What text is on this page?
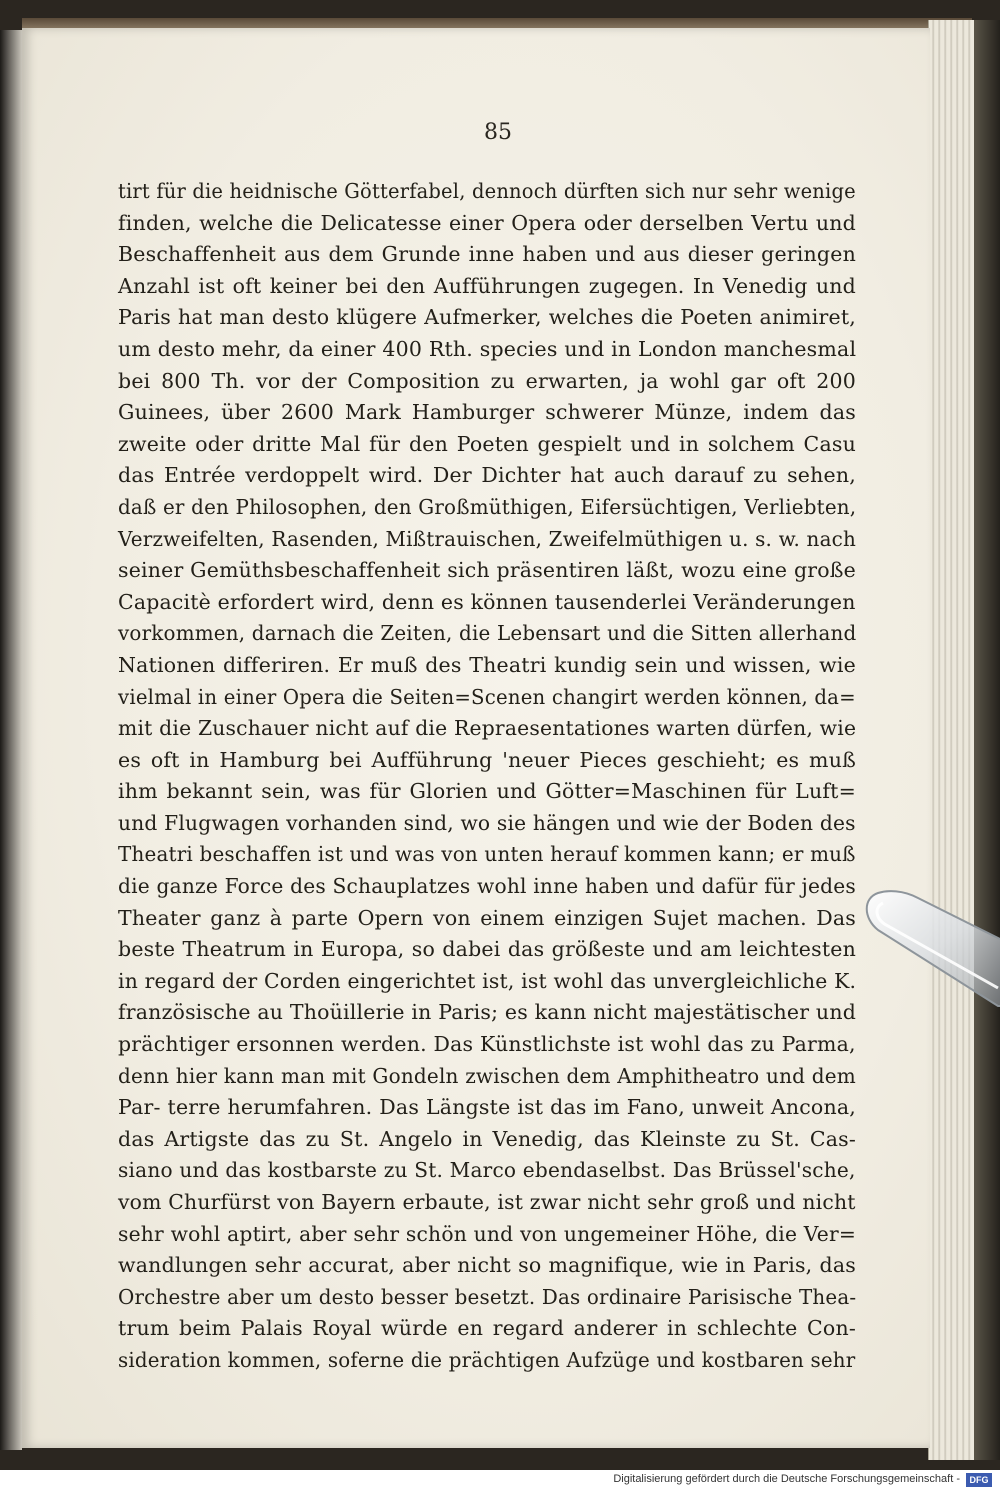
85
tirt für die heidnische Götterfabel, dennoch dürften sich nur sehr wenige
finden, welche die Delicatesse einer Opera oder derselben Vertu und
Beschaffenheit aus dem Grunde inne haben und aus dieser geringen
Anzahl ist oft keiner bei den Aufführungen zugegen. In Venedig und
Paris hat man desto klügere Aufmerker, welches die Poeten animiret,
um desto mehr, da einer 400 Rth. species und in London manchesmal
bei 800 Th. vor der Composition zu erwarten, ja wohl gar oft 200
Guinees, über 2600 Mark Hamburger schwerer Münze, indem das
zweite oder dritte Mal für den Poeten gespielt und in solchem Casu
das Entrée verdoppelt wird. Der Dichter hat auch darauf zu sehen,
daß er den Philosophen, den Großmüthigen, Eifersüchtigen, Verliebten,
Verzweifelten, Rasenden, Mißtrauischen, Zweifelmüthigen u. s. w. nach
seiner Gemüthsbeschaffenheit sich präsentiren läßt, wozu eine große
Capacitè erfordert wird, denn es können tausenderlei Veränderungen
vorkommen, darnach die Zeiten, die Lebensart und die Sitten allerhand
Nationen differiren. Er muß des Theatri kundig sein und wissen, wie
vielmal in einer Opera die Seiten=Scenen changirt werden können, da=
mit die Zuschauer nicht auf die Repraesentationes warten dürfen, wie
es oft in Hamburg bei Aufführung 'neuer Pieces geschieht; es muß
ihm bekannt sein, was für Glorien und Götter=Maschinen für Luft=
und Flugwagen vorhanden sind, wo sie hängen und wie der Boden des
Theatri beschaffen ist und was von unten herauf kommen kann; er muß
die ganze Force des Schauplatzes wohl inne haben und dafür für jedes
Theater ganz à parte Opern von einem einzigen Sujet machen. Das
beste Theatrum in Europa, so dabei das größeste und am leichtesten
in regard der Corden eingerichtet ist, ist wohl das unvergleichliche K.
französische au Thoüillerie in Paris; es kann nicht majestätischer und
prächtiger ersonnen werden. Das Künstlichste ist wohl das zu Parma,
denn hier kann man mit Gondeln zwischen dem Amphitheatro und dem
Par- terre herumfahren. Das Längste ist das im Fano, unweit Ancona,
das Artigste das zu St. Angelo in Venedig, das Kleinste zu St. Cas-
siano und das kostbarste zu St. Marco ebendaselbst. Das Brüssel'sche,
vom Churfürst von Bayern erbaute, ist zwar nicht sehr groß und nicht
sehr wohl aptirt, aber sehr schön und von ungemeiner Höhe, die Ver=
wandlungen sehr accurat, aber nicht so magnifique, wie in Paris, das
Orchestre aber um desto besser besetzt. Das ordinaire Parisische Thea-
trum beim Palais Royal würde en regard anderer in schlechte Con-
sideration kommen, soferne die prächtigen Aufzüge und kostbaren sehr
Digitalisierung gefördert durch die Deutsche Forschungsgemeinschaft -	DFG
